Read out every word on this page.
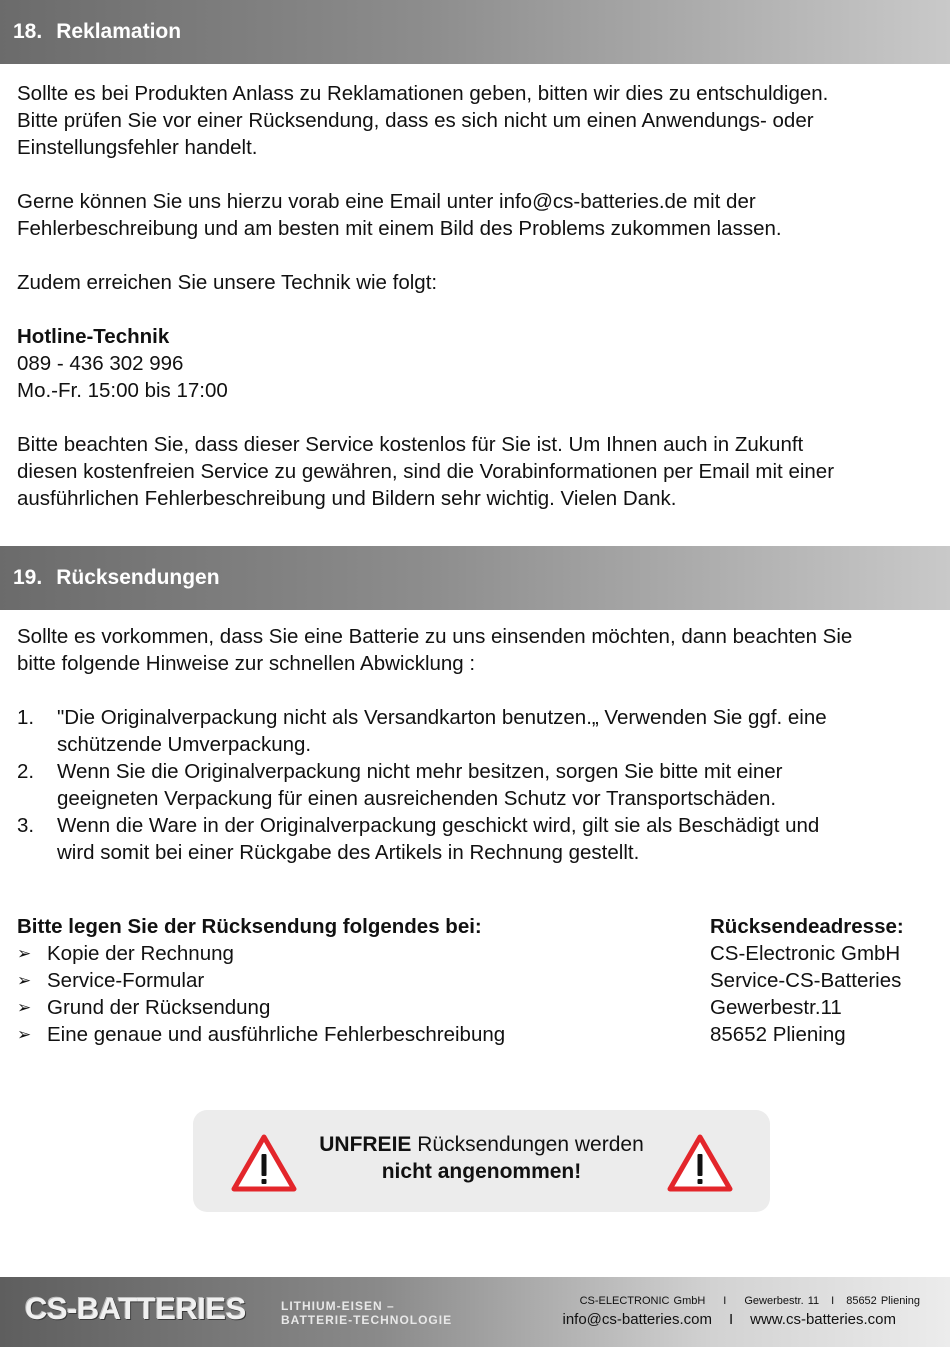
18. Reklamation

Sollte es bei Produkten Anlass zu Reklamationen geben, bitten wir dies zu entschuldigen.

Bitte prüfen Sie vor einer Rücksendung, dass es sich nicht um einen Anwendungs- oder

Einstellungsfehler handelt.

Gerne können Sie uns hierzu vorab eine Email unter info@cs-batteries.de mit der

Fehlerbeschreibung und am besten mit einem Bild des Problems zukommen lassen.

Zudem erreichen Sie unsere Technik wie folgt:

Hotline-Technik

089 - 436 302 996

Mo.-Fr. 15:00 bis 17:00

Bitte beachten Sie, dass dieser Service kostenlos für Sie ist. Um Ihnen auch in Zukunft

diesen kostenfreien Service zu gewähren, sind die Vorabinformationen per Email mit einer

ausführlichen Fehlerbeschreibung und Bildern sehr wichtig. Vielen Dank.

19. Rücksendungen

Sollte es vorkommen, dass Sie eine Batterie zu uns einsenden möchten, dann beachten Sie

bitte folgende Hinweise zur schnellen Abwicklung :

1.	"Die Originalverpackung nicht als Versandkarton benutzen.„ Verwenden Sie ggf. eine
schützende Umverpackung.
2.	Wenn Sie die Originalverpackung nicht mehr besitzen, sorgen Sie bitte mit einer
geeigneten Verpackung für einen ausreichenden Schutz vor Transportschäden.
3.	Wenn die Ware in der Originalverpackung geschickt wird, gilt sie als Beschädigt und
wird somit bei einer Rückgabe des Artikels in Rechnung gestellt.

Bitte legen Sie der Rücksendung folgendes bei:

➢ Kopie der Rechnung
➢ Service-Formular
➢ Grund der Rücksendung
➢ Eine genaue und ausführliche Fehlerbeschreibung

Rücksendeadresse:

CS-Electronic GmbH

Service-CS-Batteries

Gewerbestr.11

85652 Pliening

UNFREIE Rücksendungen werden
nicht angenommen!
CS-BATTERIES	LITHIUM-EISEN –
BATTERIE-TECHNOLOGIE
CS-ELECTRONIC GmbH I Gewerbestr. 11 I 85652 Pliening
info@cs-batteries.com I www.cs-batteries.com
